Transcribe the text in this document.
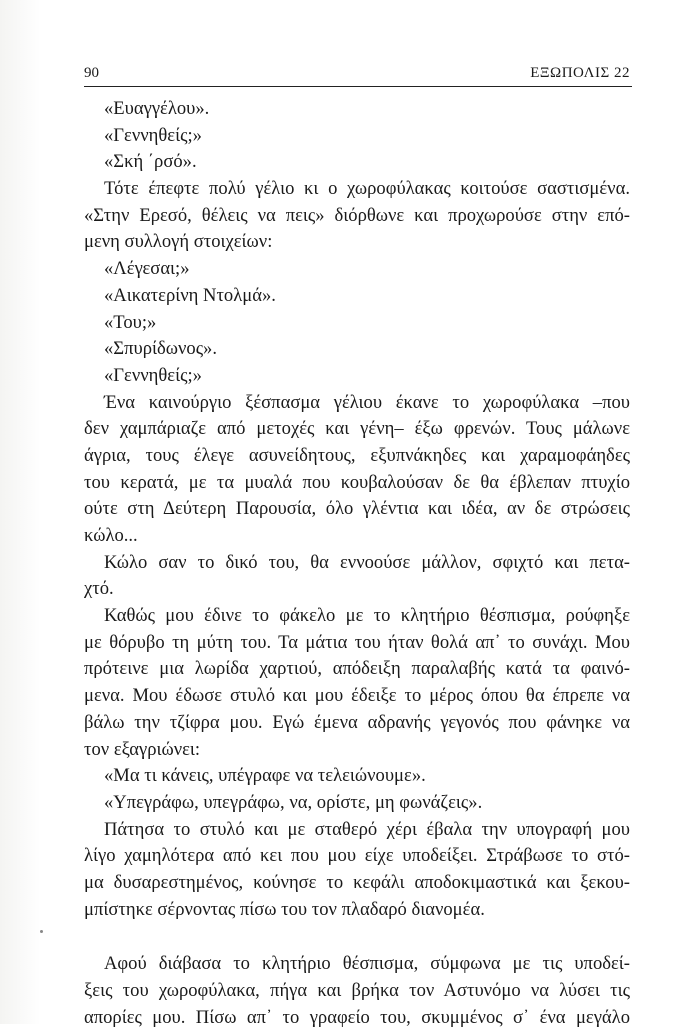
90	ΕΞΩΠΟΛΙΣ 22
«Ευαγγέλου».
«Γεννηθείς;»
«Σκή ΄ρσό».
Τότε έπεφτε πολύ γέλιο κι ο χωροφύλακας κοιτούσε σαστισμένα.
«Στην Ερεσό, θέλεις να πεις» διόρθωνε και προχωρούσε στην επό-
μενη συλλογή στοιχείων:
«Λέγεσαι;»
«Αικατερίνη Ντολμά».
«Του;»
«Σπυρίδωνος».
«Γεννηθείς;»
Ένα καινούργιο ξέσπασμα γέλιου έκανε το χωροφύλακα –που
δεν χαμπάριαζε από μετοχές και γένη– έξω φρενών. Τους μάλωνε
άγρια, τους έλεγε ασυνείδητους, εξυπνάκηδες και χαραμοφάηδες
του κερατά, με τα μυαλά που κουβαλούσαν δε θα έβλεπαν πτυχίο
ούτε στη Δεύτερη Παρουσία, όλο γλέντια και ιδέα, αν δε στρώσεις
κώλο...
Κώλο σαν το δικό του, θα εννοούσε μάλλον, σφιχτό και πετα-
χτό.
Καθώς μου έδινε το φάκελο με το κλητήριο θέσπισμα, ρούφηξε
με θόρυβο τη μύτη του. Τα μάτια του ήταν θολά απ᾽ το συνάχι. Μου
πρότεινε μια λωρίδα χαρτιού, απόδειξη παραλαβής κατά τα φαινό-
μενα. Μου έδωσε στυλό και μου έδειξε το μέρος όπου θα έπρεπε να
βάλω την τζίφρα μου. Εγώ έμενα αδρανής γεγονός που φάνηκε να
τον εξαγριώνει:
«Μα τι κάνεις, υπέγραφε να τελειώνουμε».
«Υπεγράφω, υπεγράφω, να, ορίστε, μη φωνάζεις».
Πάτησα το στυλό και με σταθερό χέρι έβαλα την υπογραφή μου
λίγο χαμηλότερα από κει που μου είχε υποδείξει. Στράβωσε το στό-
μα δυσαρεστημένος, κούνησε το κεφάλι αποδοκιμαστικά και ξεκου-
μπίστηκε σέρνοντας πίσω του τον πλαδαρό διανομέα.
Αφού διάβασα το κλητήριο θέσπισμα, σύμφωνα με τις υποδεί-
ξεις του χωροφύλακα, πήγα και βρήκα τον Αστυνόμο να λύσει τις
απορίες μου. Πίσω απ᾽ το γραφείο του, σκυμμένος σ᾽ ένα μεγάλο
